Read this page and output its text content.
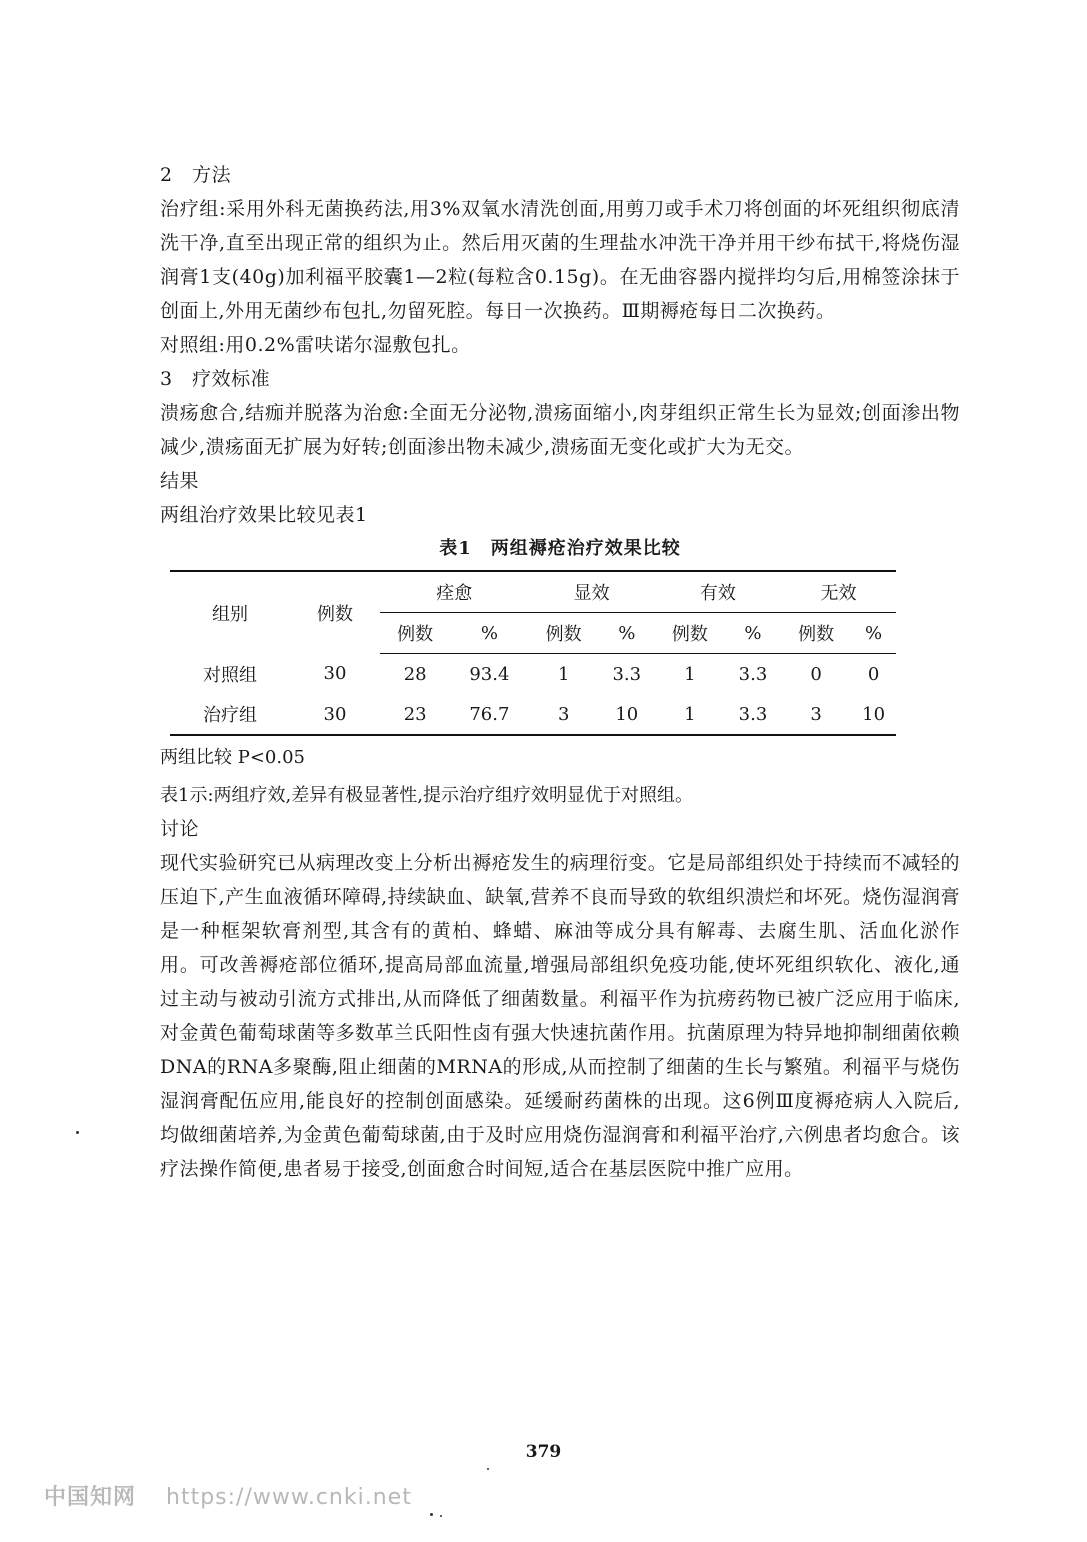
2　方法

治疗组:采用外科无菌换药法,用3%双氧水清洗创面,用剪刀或手术刀将创面的坏死组织彻底清洗干净,直至出现正常的组织为止。然后用灭菌的生理盐水冲洗干净并用干纱布拭干,将烧伤湿润膏1支(40g)加利福平胶囊1—2粒(每粒含0.15g)。在无曲容器内搅拌均匀后,用棉签涂抹于创面上,外用无菌纱布包扎,勿留死腔。每日一次换药。Ⅲ期褥疮每日二次换药。

对照组:用0.2%雷呋诺尔湿敷包扎。

3　疗效标准

溃疡愈合,结痂并脱落为治愈:全面无分泌物,溃疡面缩小,肉芽组织正常生长为显效;创面渗出物减少,溃疡面无扩展为好转;创面渗出物未减少,溃疡面无变化或扩大为无交。

结果

两组治疗效果比较见表1

表1　两组褥疮治疗效果比较
组别	例数	痊愈		显效		有效		无效	
		例数	%	例数	%	例数	%	例数	%
对照组	30	28	93.4	1	3.3	1	3.3	0	0
治疗组	30	23	76.7	3	10	1	3.3	3	10

两组比较 P<0.05

表1示:两组疗效,差异有极显著性,提示治疗组疗效明显优于对照组。

讨论

现代实验研究已从病理改变上分析出褥疮发生的病理衍变。它是局部组织处于持续而不减轻的压迫下,产生血液循环障碍,持续缺血、缺氧,营养不良而导致的软组织溃烂和坏死。烧伤湿润膏是一种框架软膏剂型,其含有的黄柏、蜂蜡、麻油等成分具有解毒、去腐生肌、活血化淤作用。可改善褥疮部位循环,提高局部血流量,增强局部组织免疫功能,使坏死组织软化、液化,通过主动与被动引流方式排出,从而降低了细菌数量。利福平作为抗痨药物已被广泛应用于临床,对金黄色葡萄球菌等多数革兰氏阳性卤有强大快速抗菌作用。抗菌原理为特异地抑制细菌依赖DNA的RNA多聚酶,阻止细菌的MRNA的形成,从而控制了细菌的生长与繁殖。利福平与烧伤湿润膏配伍应用,能良好的控制创面感染。延缓耐药菌株的出现。这6例Ⅲ度褥疮病人入院后,均做细菌培养,为金黄色葡萄球菌,由于及时应用烧伤湿润膏和利福平治疗,六例患者均愈合。该疗法操作简便,患者易于接受,创面愈合时间短,适合在基层医院中推广应用。

379
中国知网 https://www.cnki.net
